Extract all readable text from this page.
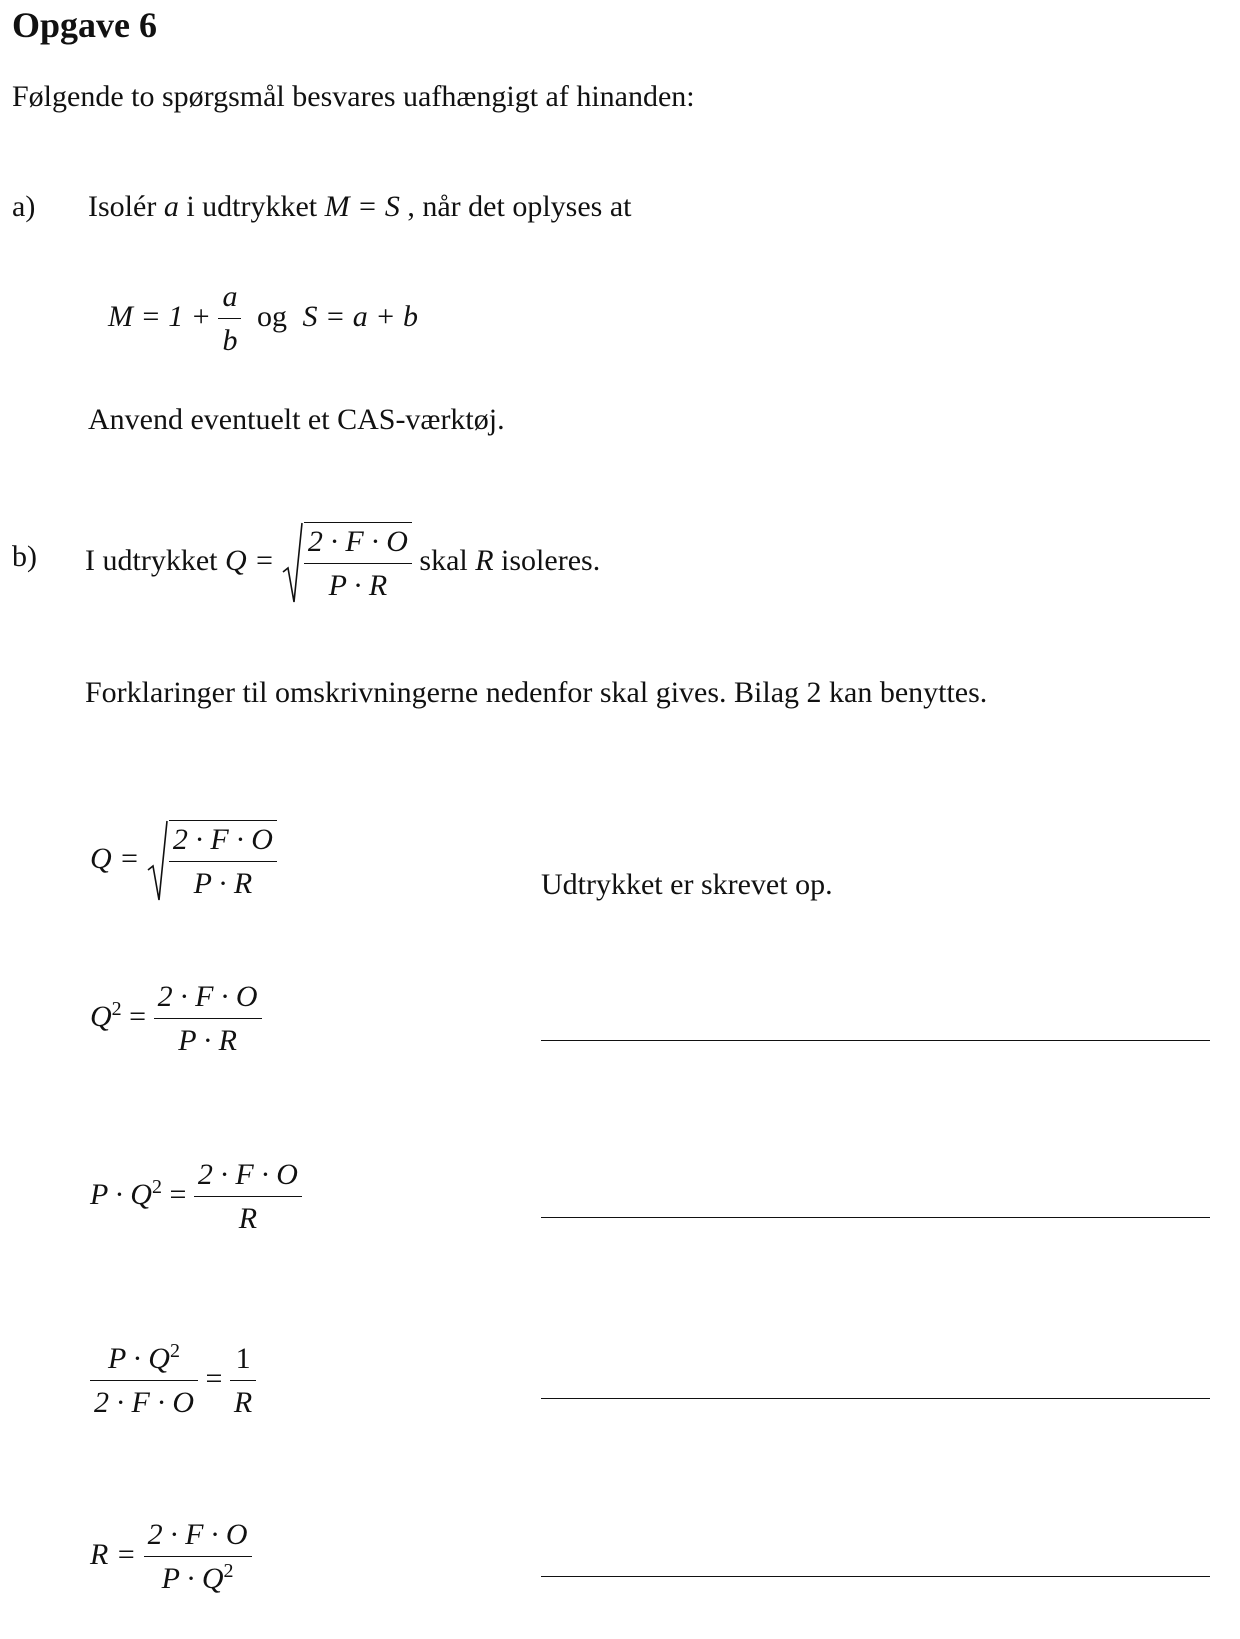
Opgave 6
Følgende to spørgsmål besvares uafhængigt af hinanden:
a) Isolér a i udtrykket M = S , når det oplyses at
$M = 1 + \frac{a}{b}$ og S = a + b
Anvend eventuelt et CAS-værktøj.
b) I udtrykket $Q = \frac{2 \cdot F \cdot O}{P \cdot R}$ skal R isoleres.
Forklaringer til omskrivningerne nedenfor skal gives. Bilag 2 kan benyttes.
$Q = \frac{2 \cdot F \cdot O}{P \cdot R}$	Udtrykket er skrevet op.
$Q^2 = \frac{2 \cdot F \cdot O}{P \cdot R}$
$P \cdot Q^2 = \frac{2 \cdot F \cdot O}{R}$
$\frac{P \cdot Q^2}{2 \cdot F \cdot O} = \frac{1}{R}$
$R = \frac{2 \cdot F \cdot O}{P \cdot Q^2}$
